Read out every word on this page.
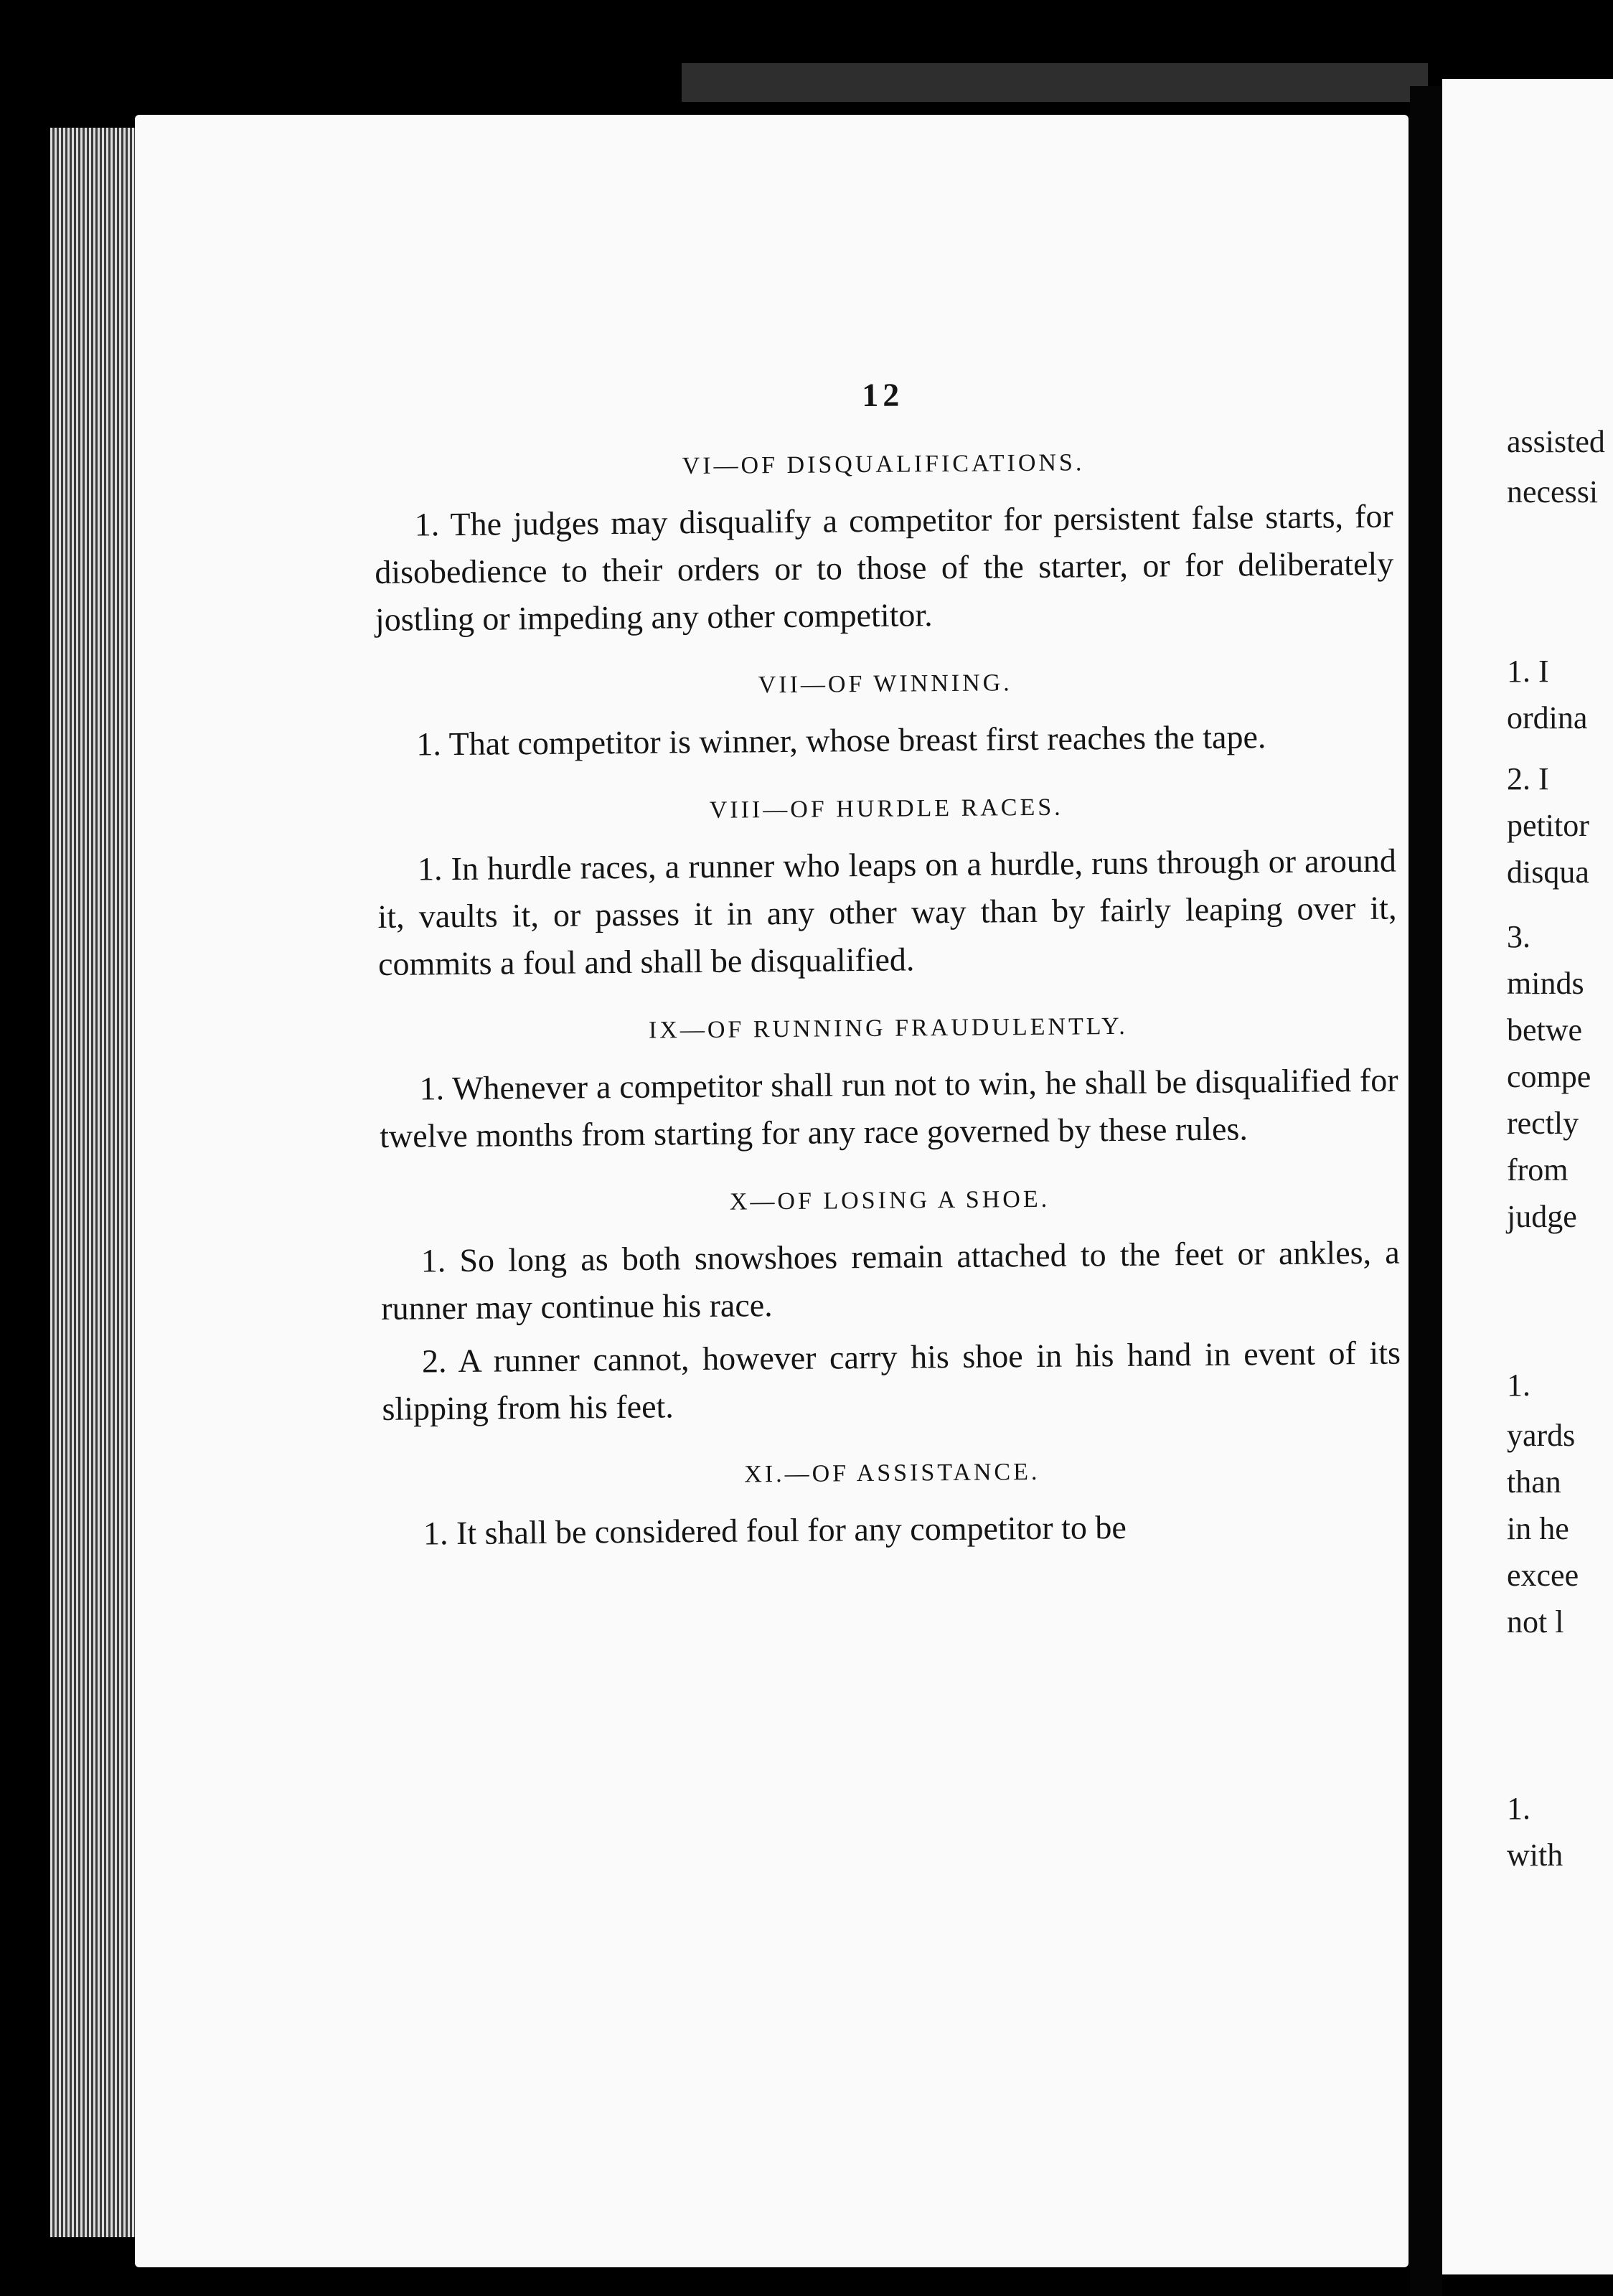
12
VI—OF DISQUALIFICATIONS.

1. The judges may disqualify a competitor for persistent false starts, for disobedience to their orders or to those of the starter, or for deliberately jostling or impeding any other competitor.

VII—OF WINNING.

1. That competitor is winner, whose breast first reaches the tape.

VIII—OF HURDLE RACES.

1. In hurdle races, a runner who leaps on a hurdle, runs through or around it, vaults it, or passes it in any other way than by fairly leaping over it, commits a foul and shall be disqualified.

IX—OF RUNNING FRAUDULENTLY.

1. Whenever a competitor shall run not to win, he shall be disqualified for twelve months from starting for any race governed by these rules.

X—OF LOSING A SHOE.

1. So long as both snowshoes remain attached to the feet or ankles, a runner may continue his race.

2. A runner cannot, however carry his shoe in his hand in event of its slipping from his feet.

XI.—OF ASSISTANCE.

1. It shall be considered foul for any competitor to be

assisted
necessi
1. I
ordina
2. I
petitor
disqua
3.
minds
betwe
compe
rectly
from
judge
1.
yards
than
in he
excee
not l
1.
with
